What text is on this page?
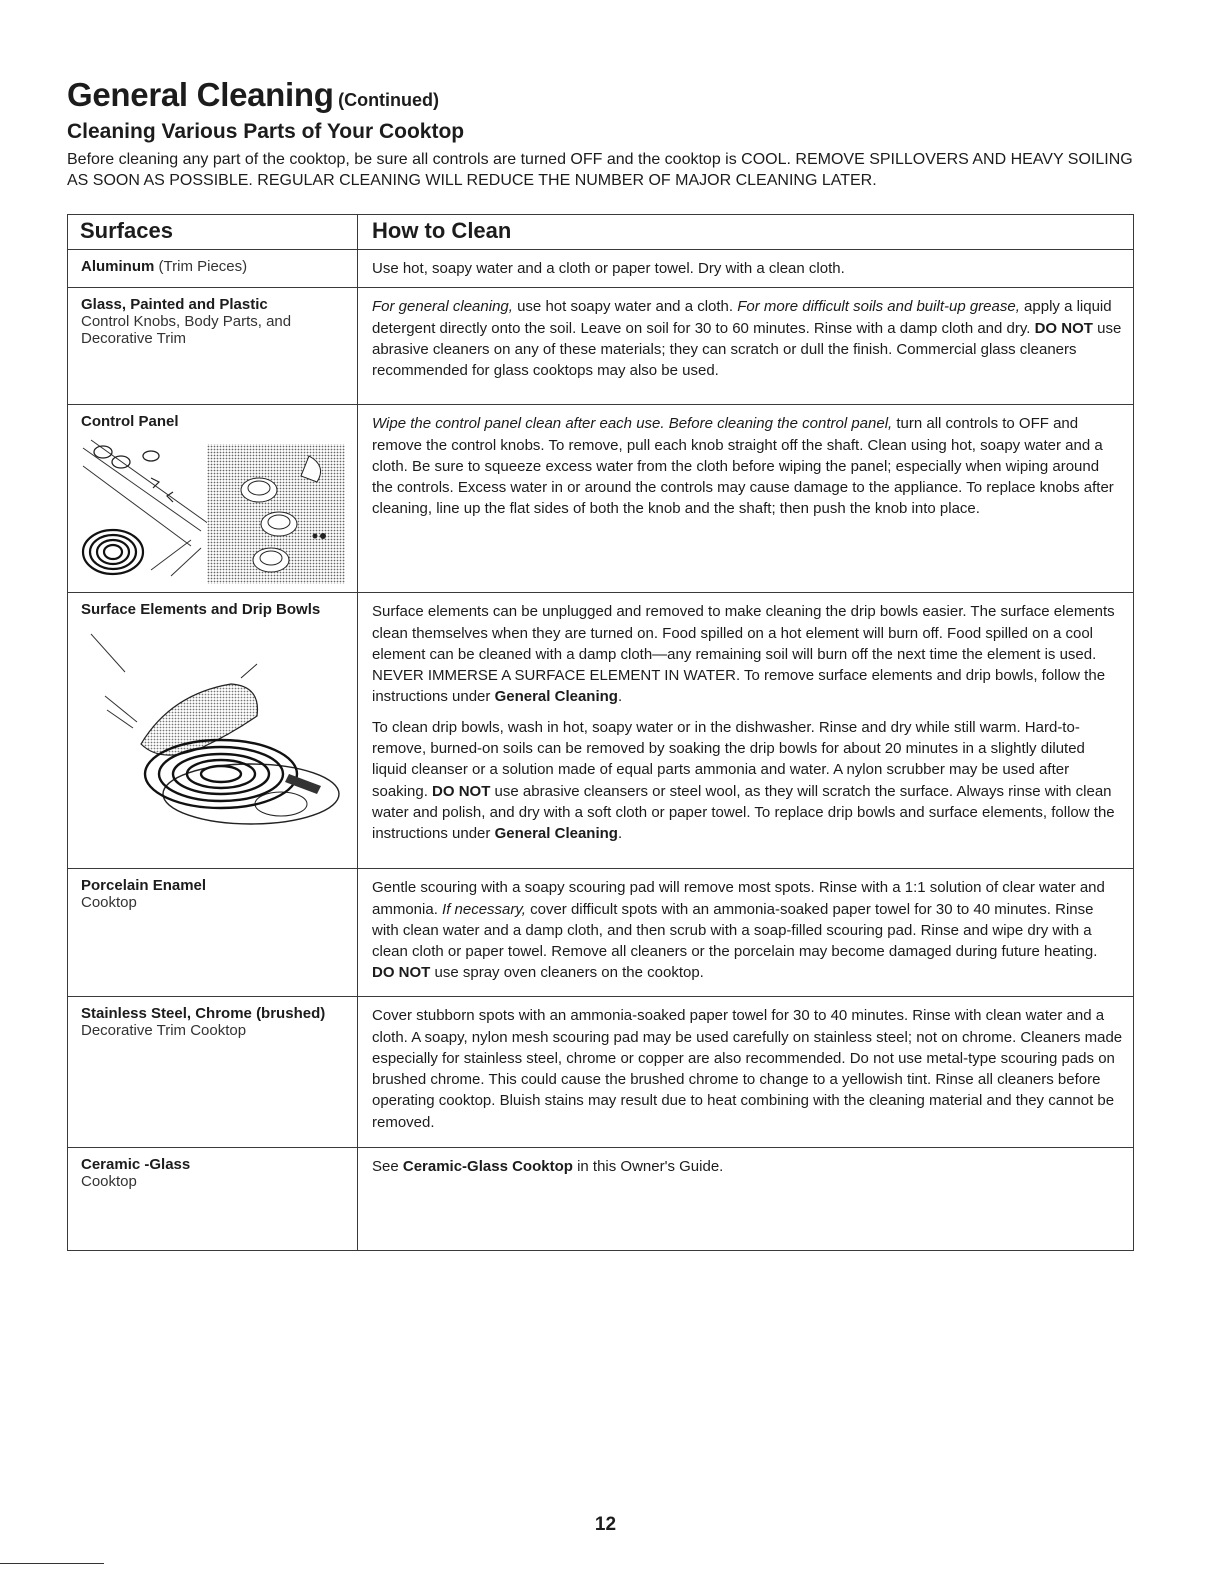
General Cleaning (Continued)
Cleaning Various Parts of Your Cooktop
Before cleaning any part of the cooktop, be sure all controls are turned OFF and the cooktop is COOL. REMOVE SPILLOVERS AND HEAVY SOILING AS SOON AS POSSIBLE. REGULAR CLEANING WILL REDUCE THE NUMBER OF MAJOR CLEANING LATER.
Surfaces	How to Clean
Aluminum (Trim Pieces)	Use hot, soapy water and a cloth or paper towel. Dry with a clean cloth.

Glass, Painted and Plastic
Control Knobs, Body Parts, and Decorative Trim	For general cleaning, use hot soapy water and a cloth. For more difficult soils and built-up grease, apply a liquid detergent directly onto the soil. Leave on soil for 30 to 60 minutes. Rinse with a damp cloth and dry. DO NOT use abrasive cleaners on any of these materials; they can scratch or dull the finish. Commercial glass cleaners recommended for glass cooktops may also be used.

Control Panel	Wipe the control panel clean after each use. Before cleaning the control panel, turn all controls to OFF and remove the control knobs. To remove, pull each knob straight off the shaft. Clean using hot, soapy water and a cloth. Be sure to squeeze excess water from the cloth before wiping the panel; especially when wiping around the controls. Excess water in or around the controls may cause damage to the appliance. To replace knobs after cleaning, line up the flat sides of both the knob and the shaft; then push the knob into place.

Surface Elements and Drip Bowls	Surface elements can be unplugged and removed to make cleaning the drip bowls easier. The surface elements clean themselves when they are turned on. Food spilled on a hot element will burn off. Food spilled on a cool element can be cleaned with a damp cloth—any remaining soil will burn off the next time the element is used. NEVER IMMERSE A SURFACE ELEMENT IN WATER. To remove surface elements and drip bowls, follow the instructions under General Cleaning.

To clean drip bowls, wash in hot, soapy water or in the dishwasher. Rinse and dry while still warm. Hard-to-remove, burned-on soils can be removed by soaking the drip bowls for about 20 minutes in a slightly diluted liquid cleanser or a solution made of equal parts ammonia and water. A nylon scrubber may be used after soaking. DO NOT use abrasive cleansers or steel wool, as they will scratch the surface. Always rinse with clean water and polish, and dry with a soft cloth or paper towel. To replace drip bowls and surface elements, follow the instructions under General Cleaning.

Porcelain Enamel
Cooktop	Gentle scouring with a soapy scouring pad will remove most spots. Rinse with a 1:1 solution of clear water and ammonia. If necessary, cover difficult spots with an ammonia-soaked paper towel for 30 to 40 minutes. Rinse with clean water and a damp cloth, and then scrub with a soap-filled scouring pad. Rinse and wipe dry with a clean cloth or paper towel. Remove all cleaners or the porcelain may become damaged during future heating. DO NOT use spray oven cleaners on the cooktop.

Stainless Steel, Chrome (brushed)
Decorative Trim Cooktop	Cover stubborn spots with an ammonia-soaked paper towel for 30 to 40 minutes. Rinse with clean water and a cloth. A soapy, nylon mesh scouring pad may be used carefully on stainless steel; not on chrome. Cleaners made especially for stainless steel, chrome or copper are also recommended. Do not use metal-type scouring pads on brushed chrome. This could cause the brushed chrome to change to a yellowish tint. Rinse all cleaners before operating cooktop. Bluish stains may result due to heat combining with the cleaning material and they cannot be removed.

Ceramic -Glass
Cooktop	See Ceramic-Glass Cooktop in this Owner's Guide.
12
